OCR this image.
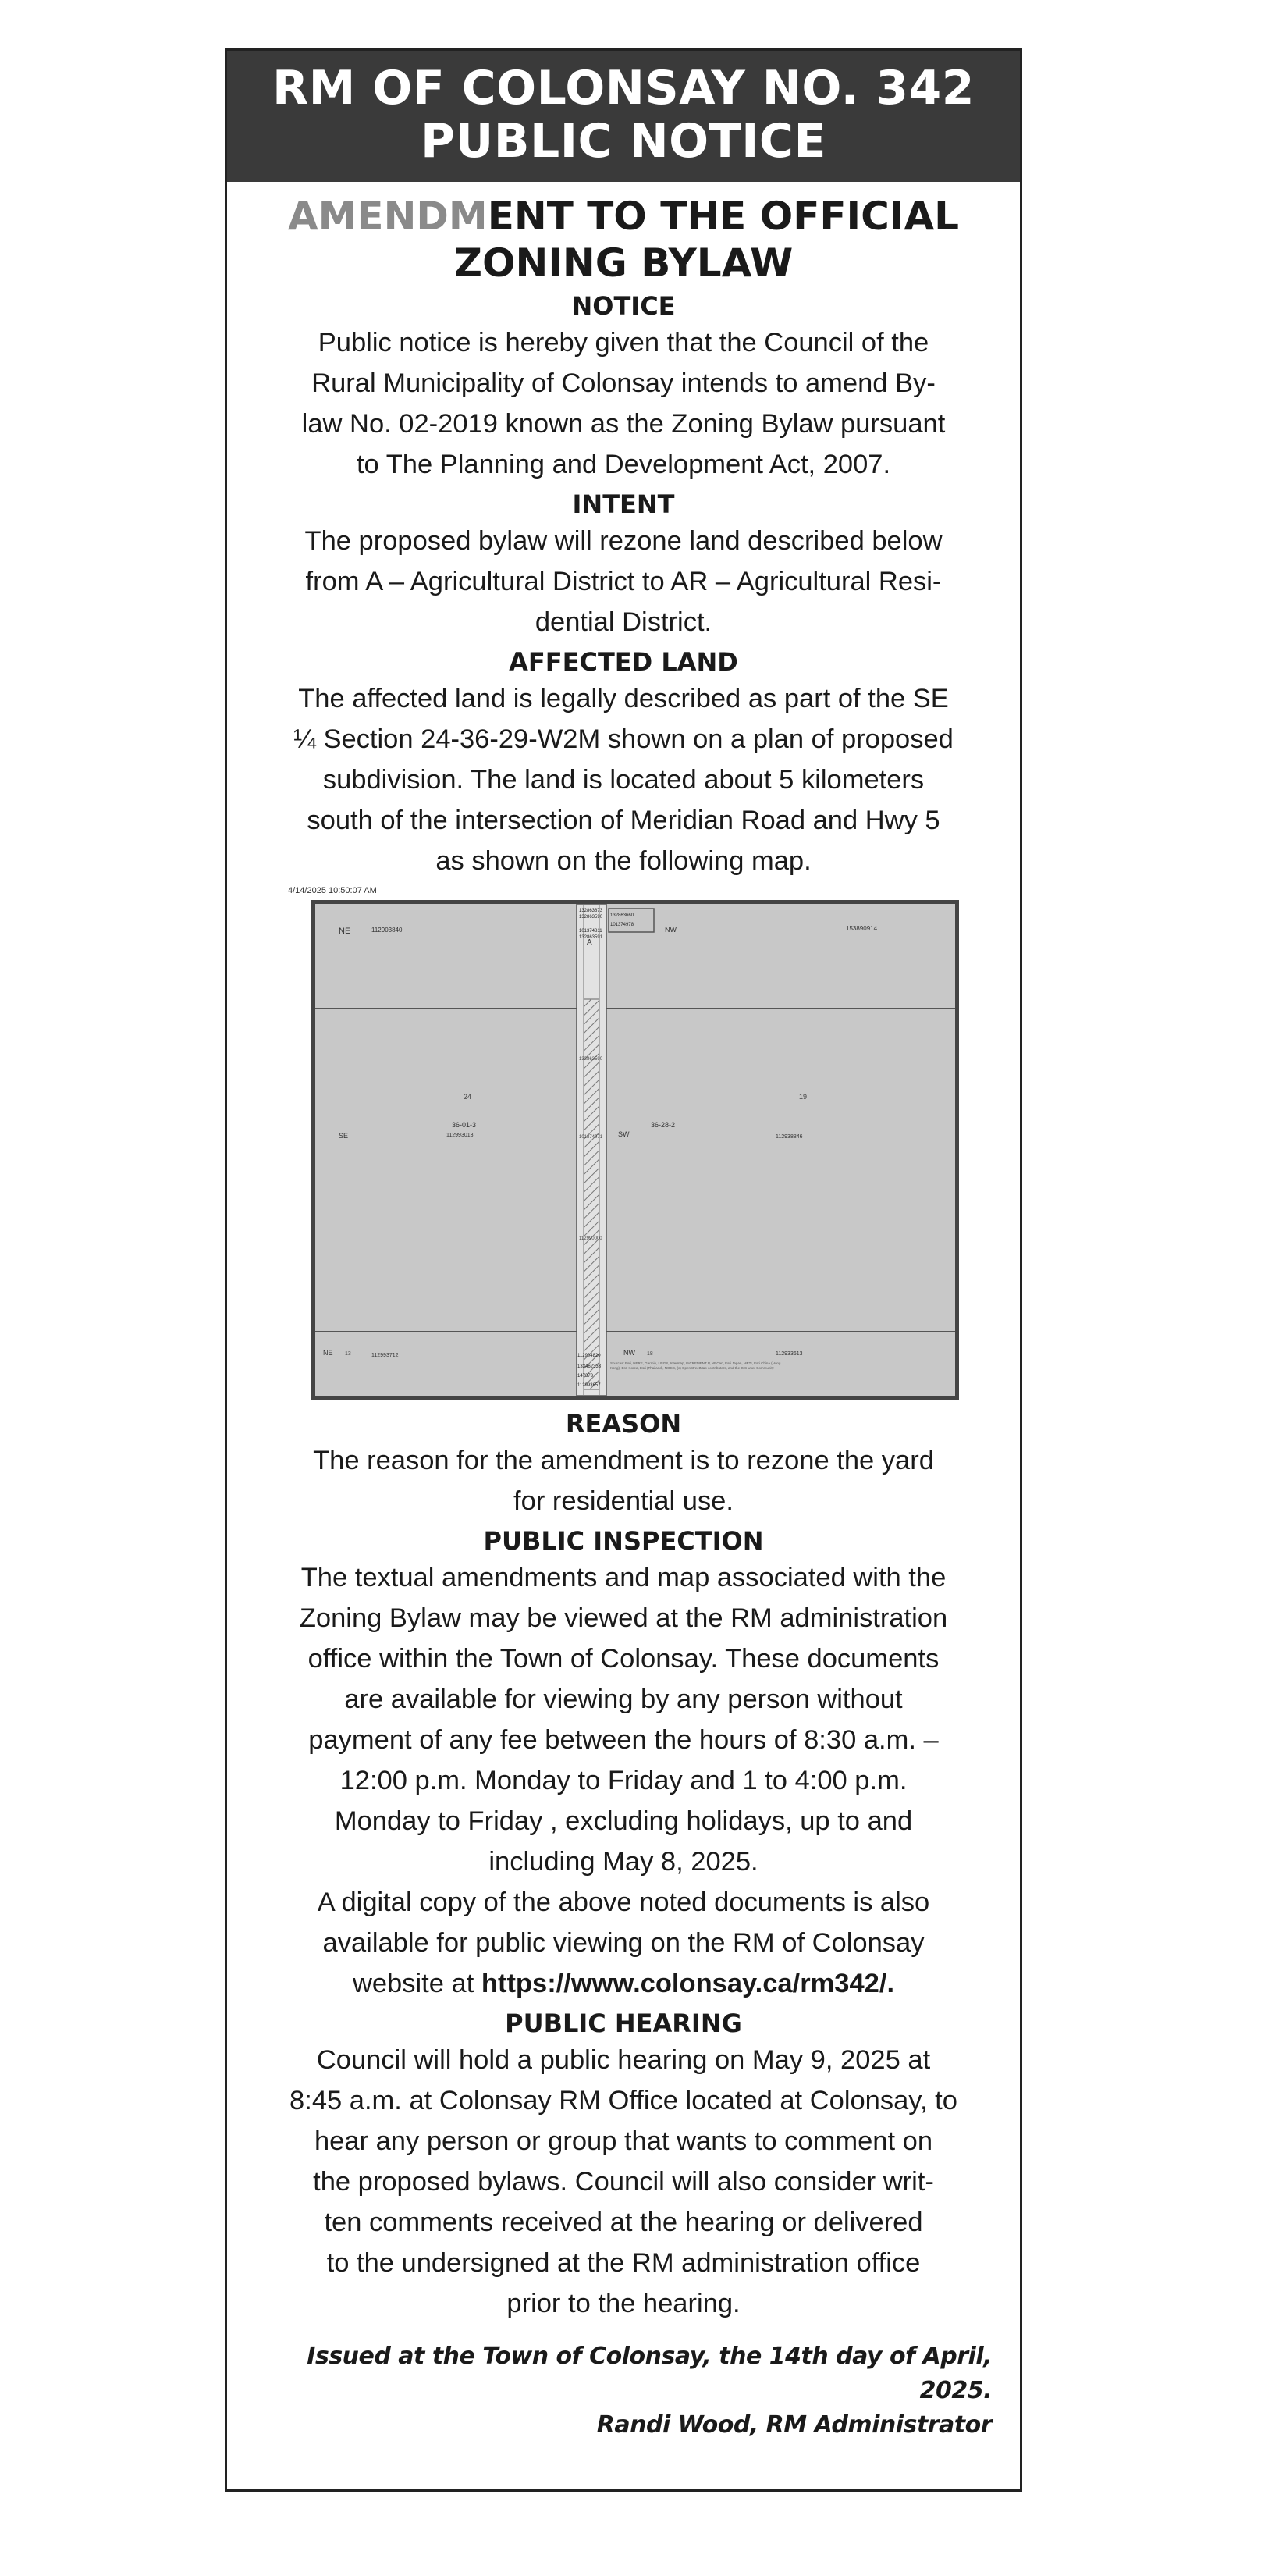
RM OF COLONSAY NO. 342
PUBLIC NOTICE
AMENDMENT TO THE OFFICIAL
ZONING BYLAW
NOTICE

Public notice is hereby given that the Council of the

Rural Municipality of Colonsay intends to amend By-

law No. 02-2019 known as the Zoning Bylaw pursuant

to The Planning and Development Act, 2007.

INTENT

The proposed bylaw will rezone land described below

from A – Agricultural District to AR – Agricultural Resi-

dential District.

AFFECTED LAND

The affected land is legally described as part of the SE

¼ Section 24-36-29-W2M shown on a plan of proposed

subdivision. The land is located about 5 kilometers

south of the intersection of Meridian Road and Hwy 5

as shown on the following map.

4/14/2025 10:50:07 AM
NE	112903840	NW	153890914
A
132863873
132863590
101374811
132863591
132863660
101374978
132863590
101374971
112990000
24	19
36-01-3
112993013
SE	SW
36-28-2
112938846
NE 13	112993712	NW 18	112933613
112904820
133462333
147373
112993657
Sources: Esri, HERE, Garmin, USGS, Intermap, INCREMENT P, NRCan, Esri Japan, METI, Esri China (Hong Kong), Esri Korea, Esri (Thailand), NGCC, (c) OpenStreetMap contributors, and the GIS User Community
REASON

The reason for the amendment is to rezone the yard

for residential use.

PUBLIC INSPECTION

The textual amendments and map associated with the

Zoning Bylaw may be viewed at the RM administration

office within the Town of Colonsay. These documents

are available for viewing by any person without

payment of any fee between the hours of 8:30 a.m. –

12:00 p.m. Monday to Friday and 1 to 4:00 p.m.

Monday to Friday , excluding holidays, up to and

including May 8, 2025.

A digital copy of the above noted documents is also

available for public viewing on the RM of Colonsay

website at https://www.colonsay.ca/rm342/.

PUBLIC HEARING

Council will hold a public hearing on May 9, 2025 at

8:45 a.m. at Colonsay RM Office located at Colonsay, to

hear any person or group that wants to comment on

the proposed bylaws. Council will also consider writ-

ten comments received at the hearing or delivered

to the undersigned at the RM administration office

prior to the hearing.

Issued at the Town of Colonsay, the 14th day of April, 2025.
Randi Wood, RM Administrator
